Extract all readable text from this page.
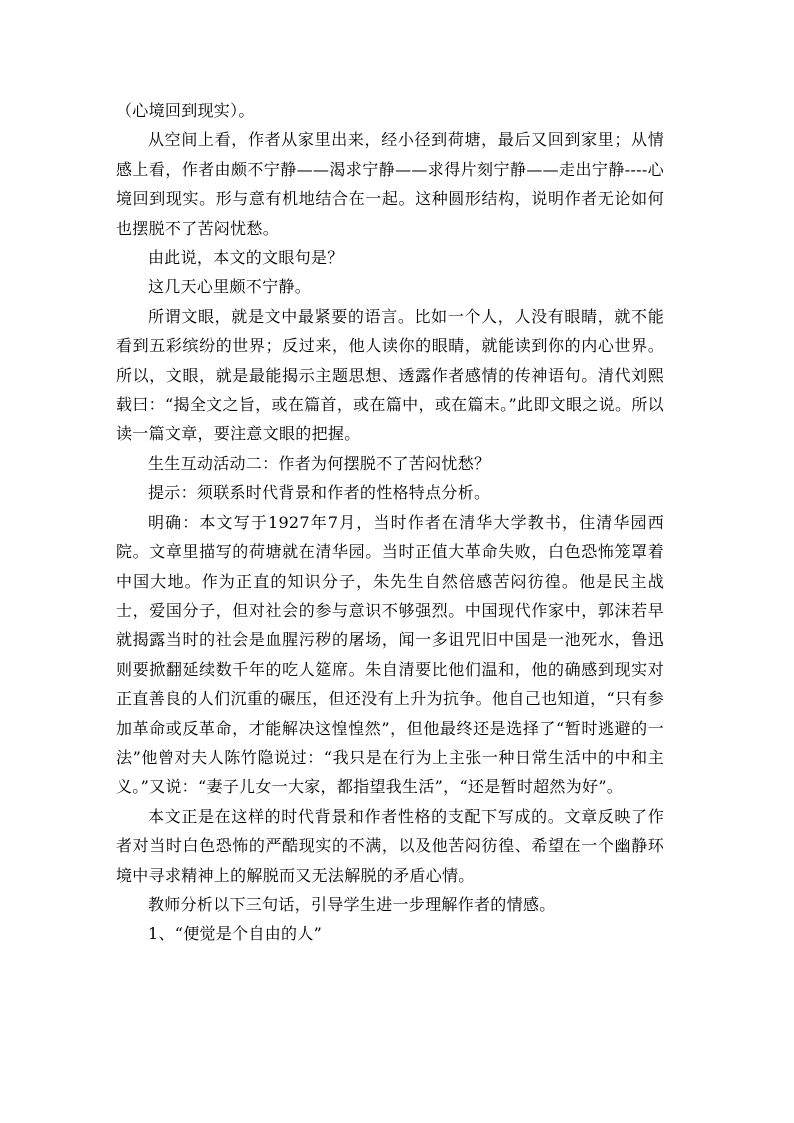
（心境回到现实）。

从空间上看，作者从家里出来，经小径到荷塘，最后又回到家里；从情感上看，作者由颇不宁静——渴求宁静——求得片刻宁静——走出宁静----心境回到现实。形与意有机地结合在一起。这种圆形结构，说明作者无论如何也摆脱不了苦闷忧愁。

由此说，本文的文眼句是？

这几天心里颇不宁静。

所谓文眼，就是文中最紧要的语言。比如一个人，人没有眼睛，就不能看到五彩缤纷的世界；反过来，他人读你的眼睛，就能读到你的内心世界。所以，文眼，就是最能揭示主题思想、透露作者感情的传神语句。清代刘熙载曰：“揭全文之旨，或在篇首，或在篇中，或在篇末。”此即文眼之说。所以读一篇文章，要注意文眼的把握。

生生互动活动二：作者为何摆脱不了苦闷忧愁？

提示：须联系时代背景和作者的性格特点分析。

明确：本文写于1927年7月，当时作者在清华大学教书，住清华园西院。文章里描写的荷塘就在清华园。当时正值大革命失败，白色恐怖笼罩着中国大地。作为正直的知识分子，朱先生自然倍感苦闷彷徨。他是民主战士，爱国分子，但对社会的参与意识不够强烈。中国现代作家中，郭沫若早就揭露当时的社会是血腥污秽的屠场，闻一多诅咒旧中国是一池死水，鲁迅则要掀翻延续数千年的吃人筵席。朱自清要比他们温和，他的确感到现实对正直善良的人们沉重的碾压，但还没有上升为抗争。他自己也知道，“只有参加革命或反革命，才能解决这惶惶然”，但他最终还是选择了“暂时逃避的一法”他曾对夫人陈竹隐说过：“我只是在行为上主张一种日常生活中的中和主义。”又说：“妻子儿女一大家，都指望我生活”，“还是暂时超然为好”。

本文正是在这样的时代背景和作者性格的支配下写成的。文章反映了作者对当时白色恐怖的严酷现实的不满，以及他苦闷彷徨、希望在一个幽静环境中寻求精神上的解脱而又无法解脱的矛盾心情。

教师分析以下三句话，引导学生进一步理解作者的情感。

1、“便觉是个自由的人”
